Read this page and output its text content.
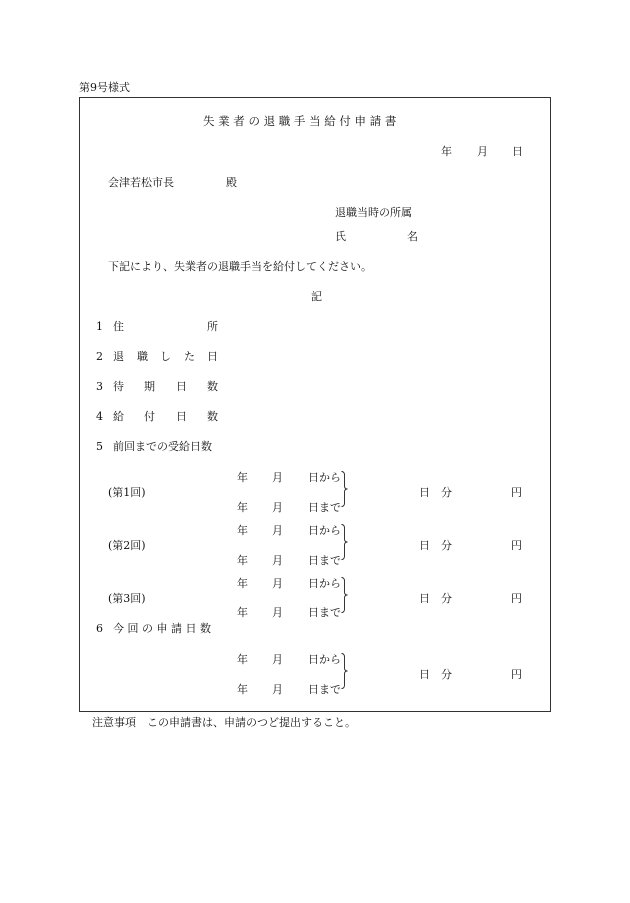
第9号様式
失 業 者 の 退 職 手 当 給 付 申 請 書
年 月 日
会津若松市長	殿
退職当時の所属
氏	名
下記により、失業者の退職手当を給付してください。
記
1 住	所
2 退 職 し た 日
3 待 期 日 数
4 給 付 日 数
5 前回までの受給日数
年 月 日から
(第1回)	日 分	円
年 月 日まで
年 月 日から
(第2回)	日 分	円
年 月 日まで
年 月 日から
(第3回)	日 分	円
年 月 日まで
6 今 回 の 申 請 日 数
年 月 日から
日 分	円
年 月 日まで
注意事項　この申請書は、申請のつど提出すること。
